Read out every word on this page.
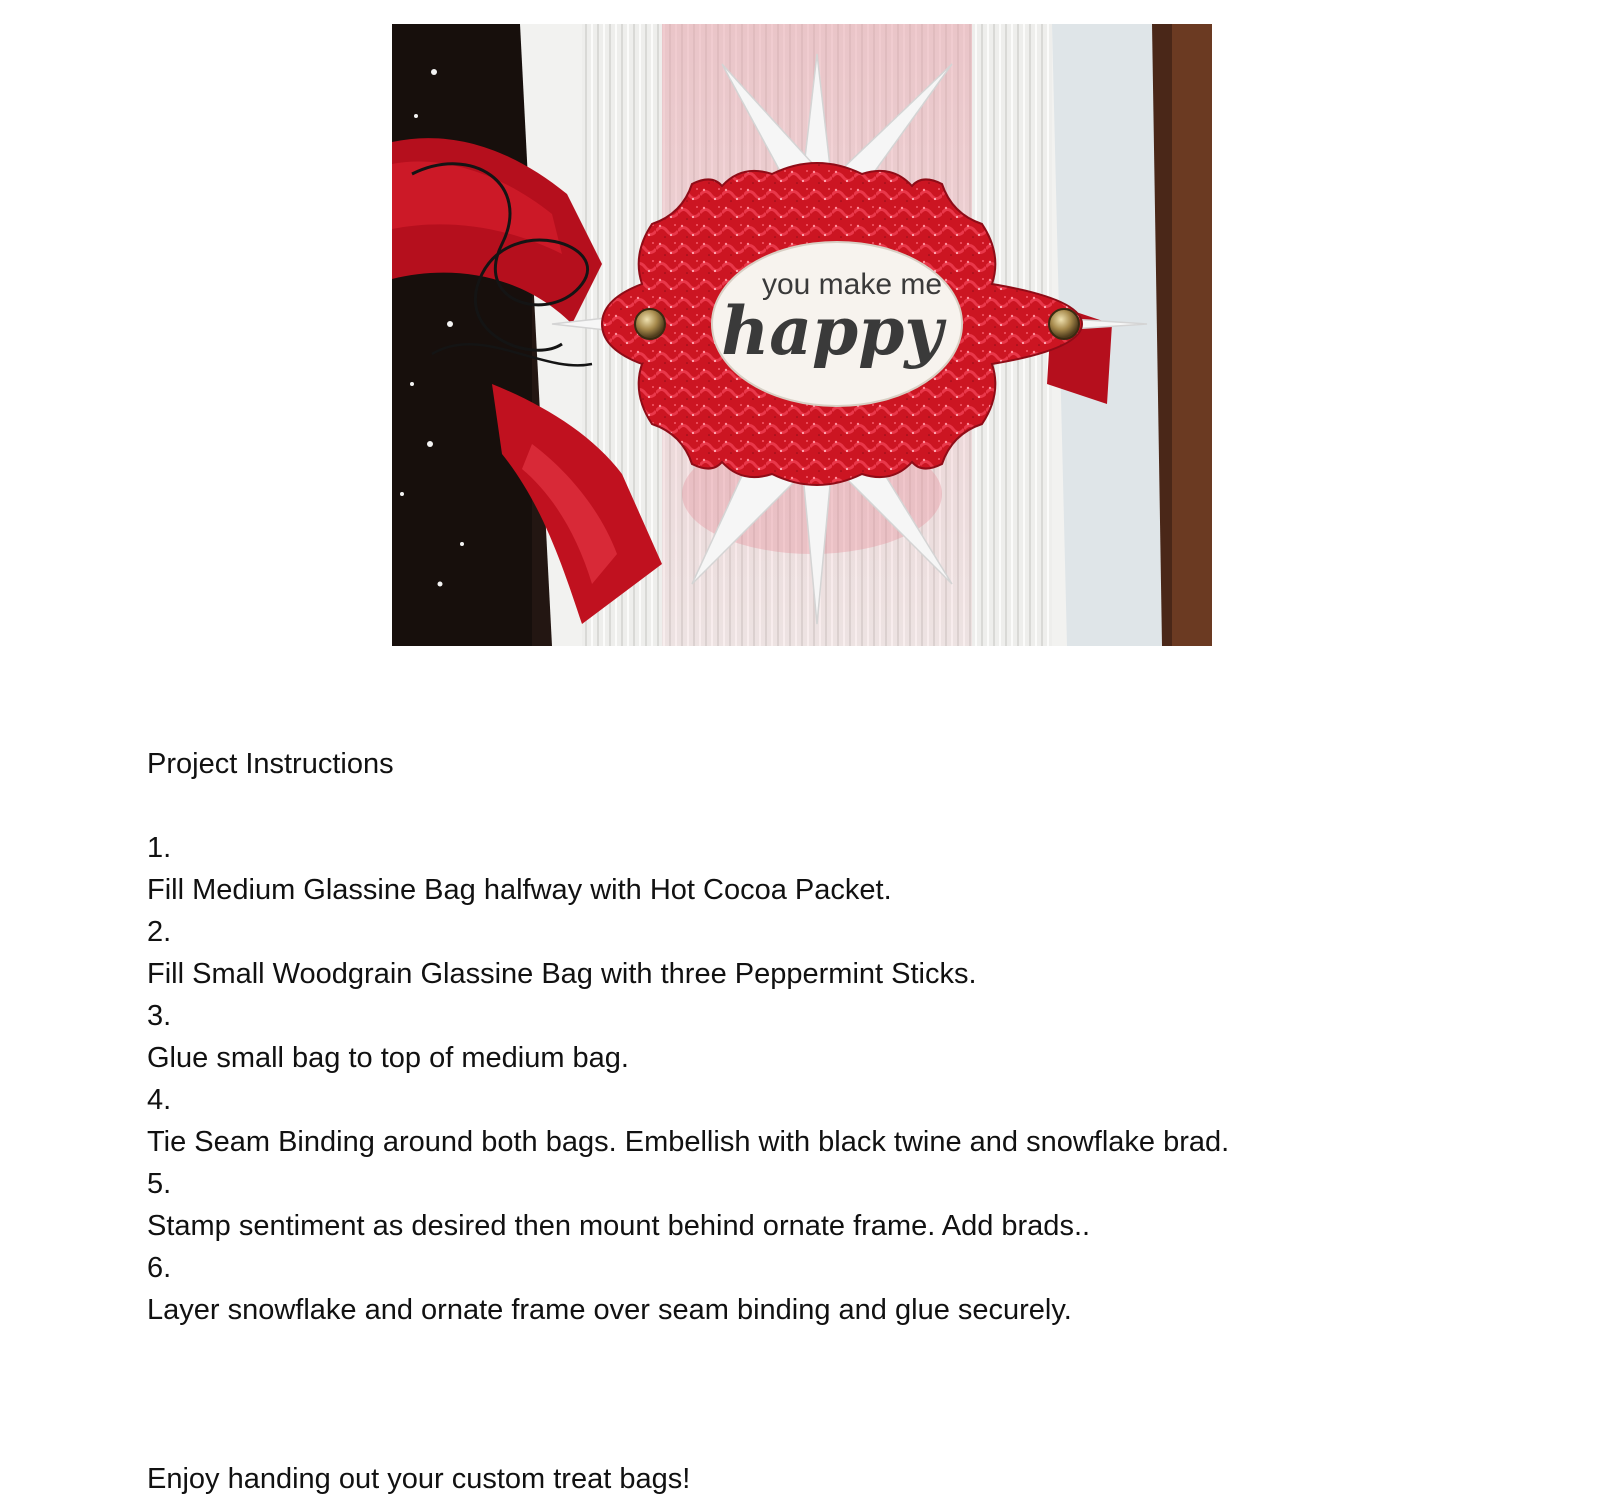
you make me
happy
Project Instructions
1.
Fill Medium Glassine Bag halfway with Hot Cocoa Packet.
2.
Fill Small Woodgrain Glassine Bag with three Peppermint Sticks.
3.
Glue small bag to top of medium bag.
4.
Tie Seam Binding around both bags. Embellish with black twine and snowflake brad.
5.
Stamp sentiment as desired then mount behind ornate frame. Add brads..
6.
Layer snowflake and ornate frame over seam binding and glue securely.
Enjoy handing out your custom treat bags!
